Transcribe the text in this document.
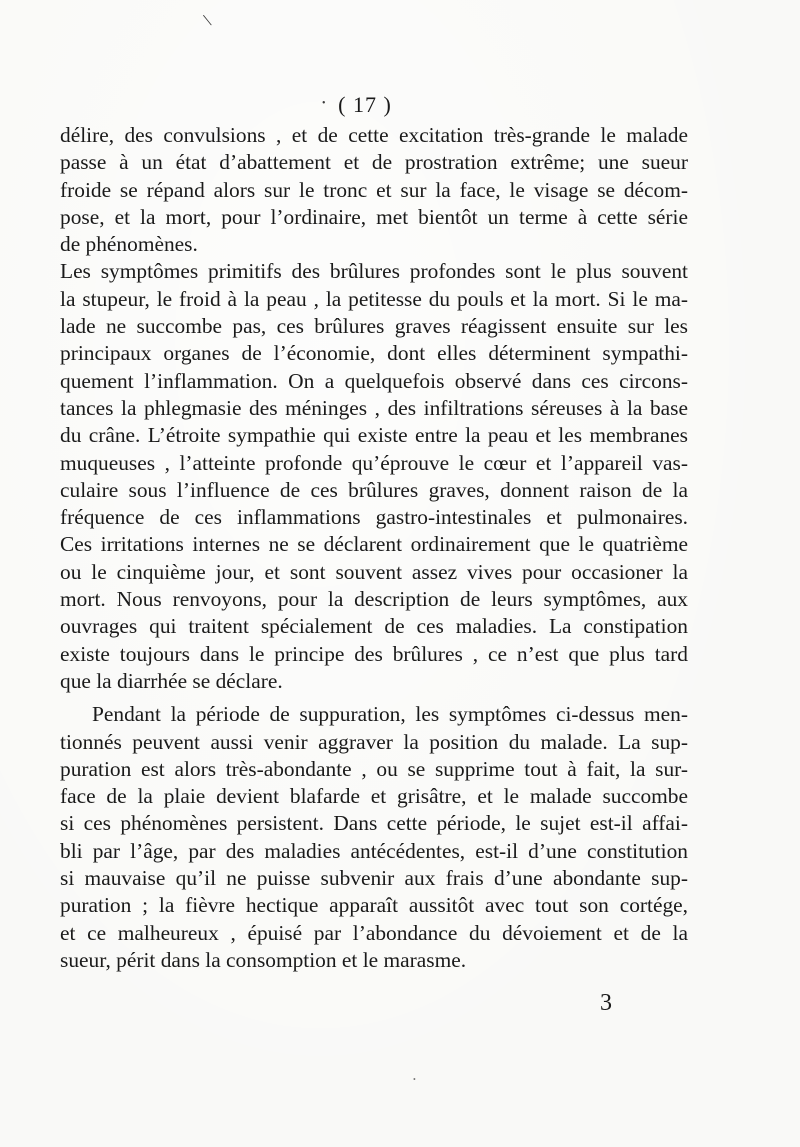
\
• ( 17 )
délire, des convulsions , et de cette excitation très-grande le malade
passe à un état d’abattement et de prostration extrême; une sueur
froide se répand alors sur le tronc et sur la face, le visage se décom-
pose, et la mort, pour l’ordinaire, met bientôt un terme à cette série
de phénomènes.
Les symptômes primitifs des brûlures profondes sont le plus souvent
la stupeur, le froid à la peau , la petitesse du pouls et la mort. Si le ma-
lade ne succombe pas, ces brûlures graves réagissent ensuite sur les
principaux organes de l’économie, dont elles déterminent sympathi-
quement l’inflammation. On a quelquefois observé dans ces circons-
tances la phlegmasie des méninges , des infiltrations séreuses à la base
du crâne. L’étroite sympathie qui existe entre la peau et les membranes
muqueuses , l’atteinte profonde qu’éprouve le cœur et l’appareil vas-
culaire sous l’influence de ces brûlures graves, donnent raison de la
fréquence de ces inflammations gastro-intestinales et pulmonaires.
Ces irritations internes ne se déclarent ordinairement que le quatrième
ou le cinquième jour, et sont souvent assez vives pour occasioner la
mort. Nous renvoyons, pour la description de leurs symptômes, aux
ouvrages qui traitent spécialement de ces maladies. La constipation
existe toujours dans le principe des brûlures , ce n’est que plus tard
que la diarrhée se déclare.
Pendant la période de suppuration, les symptômes ci-dessus men-
tionnés peuvent aussi venir aggraver la position du malade. La sup-
puration est alors très-abondante , ou se supprime tout à fait, la sur-
face de la plaie devient blafarde et grisâtre, et le malade succombe
si ces phénomènes persistent. Dans cette période, le sujet est-il affai-
bli par l’âge, par des maladies antécédentes, est-il d’une constitution
si mauvaise qu’il ne puisse subvenir aux frais d’une abondante sup-
puration ; la fièvre hectique apparaît aussitôt avec tout son cortége,
et ce malheureux , épuisé par l’abondance du dévoiement et de la
sueur, périt dans la consomption et le marasme.
3
•
